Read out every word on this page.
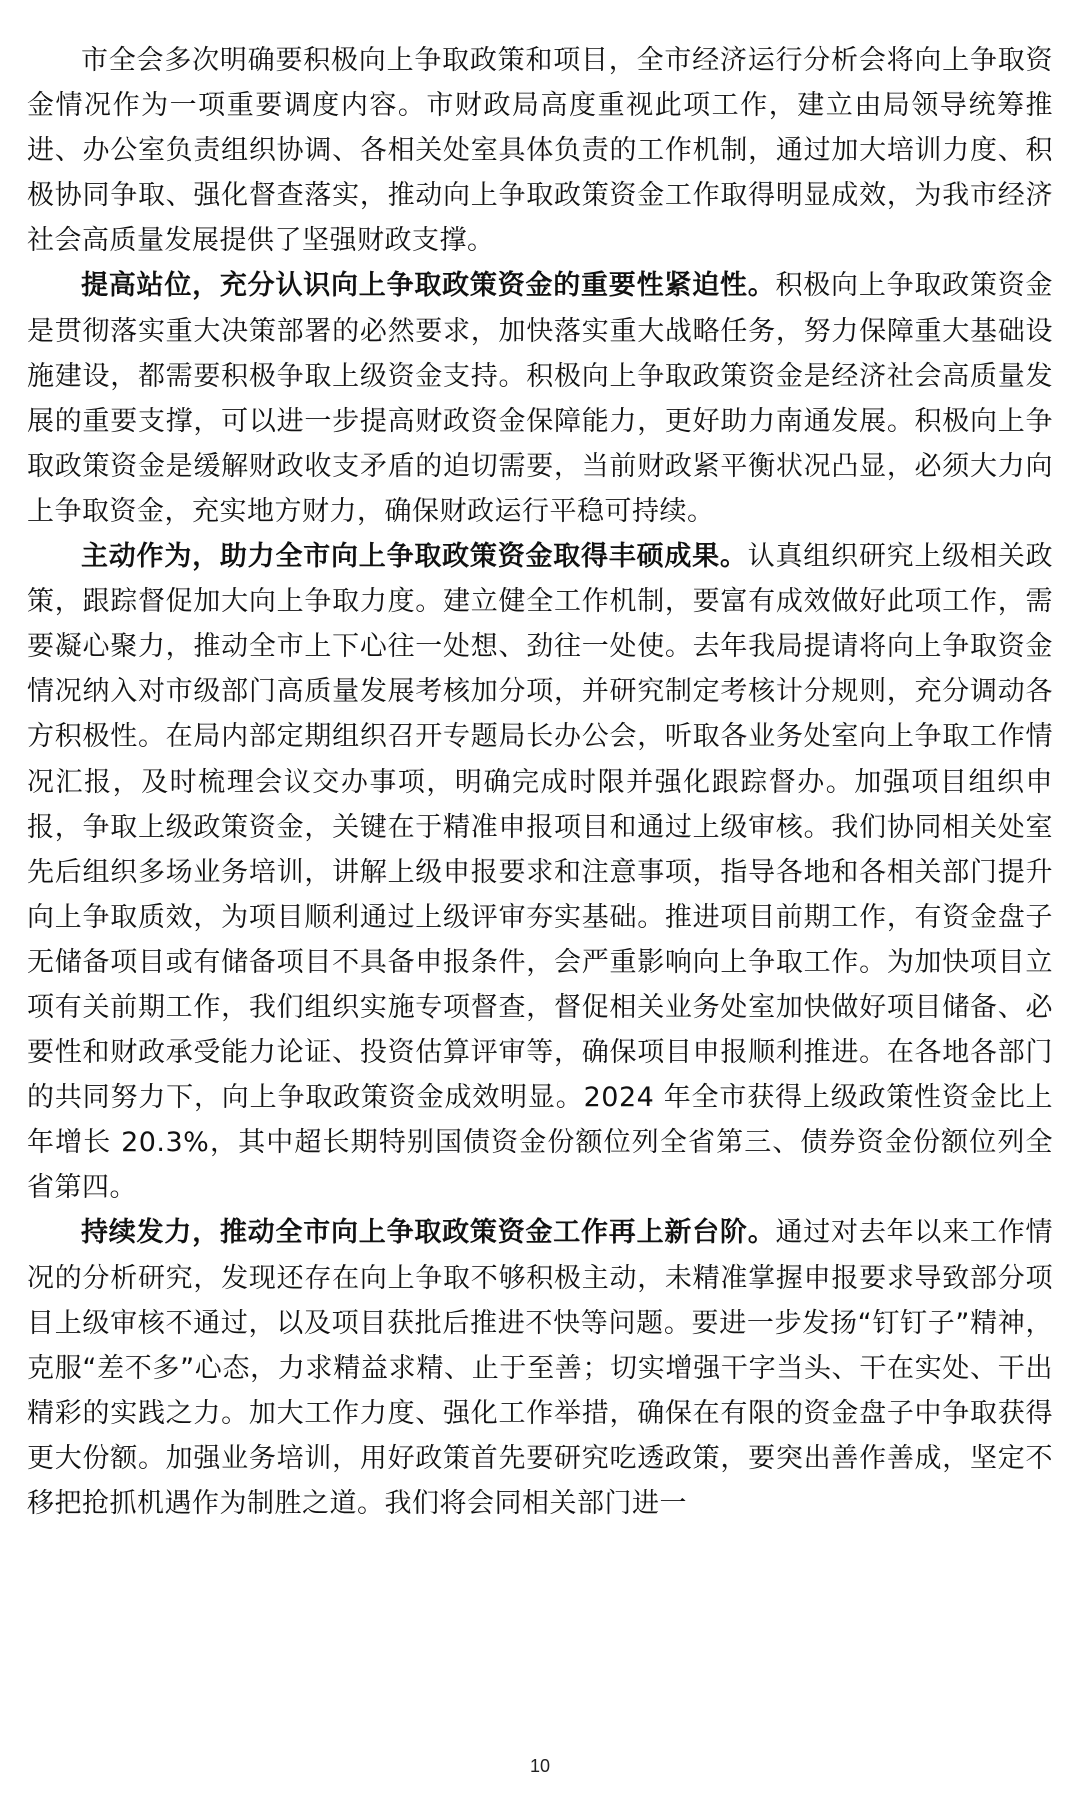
市全会多次明确要积极向上争取政策和项目，全市经济运行分析会将向上争取资金情况作为一项重要调度内容。市财政局高度重视此项工作，建立由局领导统筹推进、办公室负责组织协调、各相关处室具体负责的工作机制，通过加大培训力度、积极协同争取、强化督查落实，推动向上争取政策资金工作取得明显成效，为我市经济社会高质量发展提供了坚强财政支撑。

提高站位，充分认识向上争取政策资金的重要性紧迫性。积极向上争取政策资金是贯彻落实重大决策部署的必然要求，加快落实重大战略任务，努力保障重大基础设施建设，都需要积极争取上级资金支持。积极向上争取政策资金是经济社会高质量发展的重要支撑，可以进一步提高财政资金保障能力，更好助力南通发展。积极向上争取政策资金是缓解财政收支矛盾的迫切需要，当前财政紧平衡状况凸显，必须大力向上争取资金，充实地方财力，确保财政运行平稳可持续。

主动作为，助力全市向上争取政策资金取得丰硕成果。认真组织研究上级相关政策，跟踪督促加大向上争取力度。建立健全工作机制，要富有成效做好此项工作，需要凝心聚力，推动全市上下心往一处想、劲往一处使。去年我局提请将向上争取资金情况纳入对市级部门高质量发展考核加分项，并研究制定考核计分规则，充分调动各方积极性。在局内部定期组织召开专题局长办公会，听取各业务处室向上争取工作情况汇报，及时梳理会议交办事项，明确完成时限并强化跟踪督办。加强项目组织申报，争取上级政策资金，关键在于精准申报项目和通过上级审核。我们协同相关处室先后组织多场业务培训，讲解上级申报要求和注意事项，指导各地和各相关部门提升向上争取质效，为项目顺利通过上级评审夯实基础。推进项目前期工作，有资金盘子无储备项目或有储备项目不具备申报条件，会严重影响向上争取工作。为加快项目立项有关前期工作，我们组织实施专项督查，督促相关业务处室加快做好项目储备、必要性和财政承受能力论证、投资估算评审等，确保项目申报顺利推进。在各地各部门的共同努力下，向上争取政策资金成效明显。2024 年全市获得上级政策性资金比上年增长 20.3%，其中超长期特别国债资金份额位列全省第三、债券资金份额位列全省第四。

持续发力，推动全市向上争取政策资金工作再上新台阶。通过对去年以来工作情况的分析研究，发现还存在向上争取不够积极主动，未精准掌握申报要求导致部分项目上级审核不通过，以及项目获批后推进不快等问题。要进一步发扬“钉钉子”精神，克服“差不多”心态，力求精益求精、止于至善；切实增强干字当头、干在实处、干出精彩的实践之力。加大工作力度、强化工作举措，确保在有限的资金盘子中争取获得更大份额。加强业务培训，用好政策首先要研究吃透政策，要突出善作善成，坚定不移把抢抓机遇作为制胜之道。我们将会同相关部门进一

10
